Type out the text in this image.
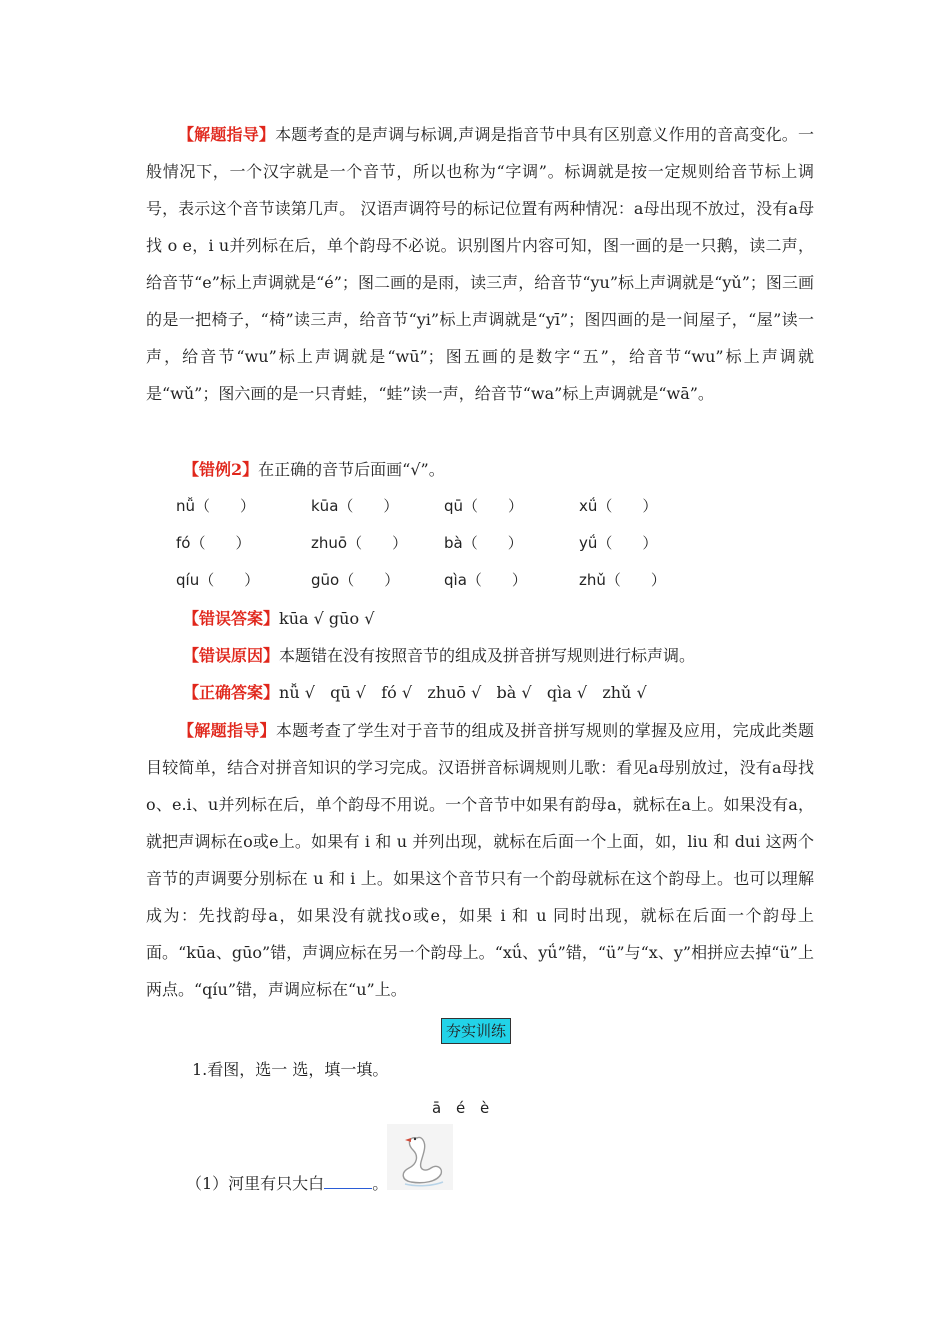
【解题指导】本题考查的是声调与标调,声调是指音节中具有区别意义作用的音高变化。一般情况下，一个汉字就是一个音节，所以也称为“字调”。标调就是按一定规则给音节标上调号，表示这个音节读第几声。 汉语声调符号的标记位置有两种情况：a母出现不放过，没有a母找 o e，i u并列标在后，单个韵母不必说。识别图片内容可知，图一画的是一只鹅，读二声，给音节“e”标上声调就是“é”；图二画的是雨，读三声，给音节“yu”标上声调就是“yǔ”；图三画的是一把椅子，“椅”读三声，给音节“yi”标上声调就是“yī”；图四画的是一间屋子，“屋”读一声，给音节“wu”标上声调就是“wū”；图五画的是数字“五”，给音节“wu”标上声调就是“wǔ”；图六画的是一只青蛙，“蛙”读一声，给音节“wa”标上声调就是“wā”。

【错例2】在正确的音节后面画“√”。
nǚ（　　）	kūa（　　）	qū（　　）	xǘ（　　）
fó（　　）	zhuō（　　） bà（　　）	yǘ（　　）
qíu（　　）	gūo（　　）	qìa（　　）	zhǔ（　　）
【错误答案】kūa √ gūo √
【错误原因】本题错在没有按照音节的组成及拼音拼写规则进行标声调。
【正确答案】nǚ √   qū √   fó √   zhuō √   bà √   qìa √   zhǔ √

【解题指导】本题考查了学生对于音节的组成及拼音拼写规则的掌握及应用，完成此类题目较简单，结合对拼音知识的学习完成。汉语拼音标调规则儿歌：看见a母别放过，没有a母找o、e.i、u并列标在后，单个韵母不用说。一个音节中如果有韵母a，就标在a上。如果没有a，就把声调标在o或e上。如果有 i 和 u 并列出现，就标在后面一个上面，如，liu 和 dui 这两个音节的声调要分别标在 u 和 i 上。如果这个音节只有一个韵母就标在这个韵母上。也可以理解成为：先找韵母a，如果没有就找o或e，如果 i 和 u 同时出现，就标在后面一个韵母上面。“kūa、gūo”错，声调应标在另一个韵母上。“xǘ、yǘ”错，“ü”与“x、y”相拼应去掉“ü”上两点。“qíu”错，声调应标在“u”上。

夯实训练
1.看图，选一 选，填一填。
ā é è
（1）河里有只大白	。
